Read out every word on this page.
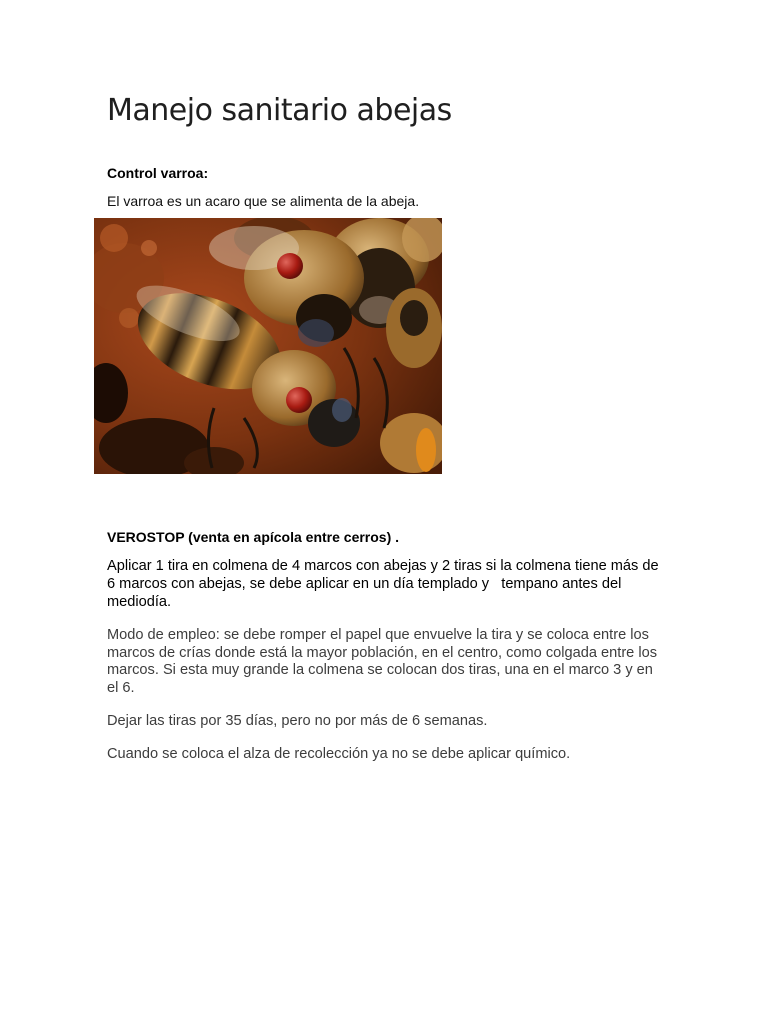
Manejo sanitario abejas

Control varroa:

El varroa es un acaro que se alimenta de la abeja.

VEROSTOP (venta en apícola entre cerros) .

Aplicar 1 tira en colmena de 4 marcos con abejas y 2 tiras si la colmena tiene más de 6 marcos con abejas, se debe aplicar en un día templado y   tempano antes del mediodía.

Modo de empleo: se debe romper el papel que envuelve la tira y se coloca entre los marcos de crías donde está la mayor población, en el centro, como colgada entre los marcos. Si esta muy grande la colmena se colocan dos tiras, una en el marco 3 y en el 6.

Dejar las tiras por 35 días, pero no por más de 6 semanas.

Cuando se coloca el alza de recolección ya no se debe aplicar químico.
